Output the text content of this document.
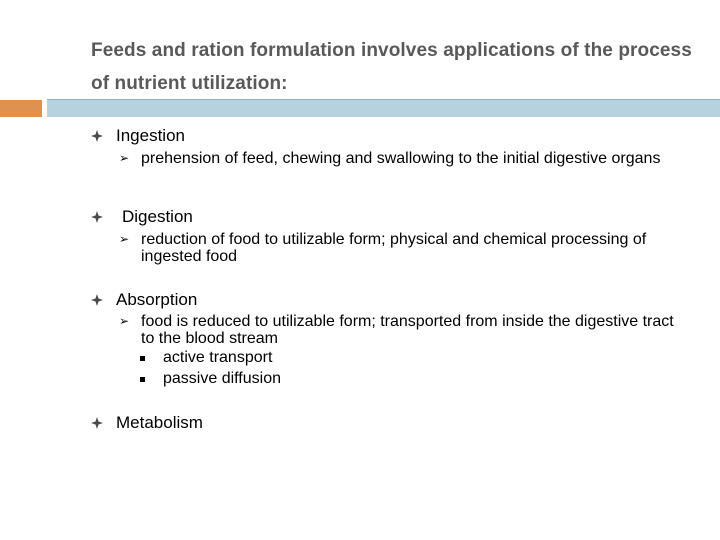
Feeds and ration formulation involves applications of the process of nutrient utilization:
Ingestion
➢ prehension of feed, chewing and swallowing to the initial digestive organs
Digestion
➢ reduction of food to utilizable form; physical and chemical processing of ingested food
Absorption
➢ food is reduced to utilizable form; transported from inside the digestive tract to the blood stream
active transport
passive diffusion
Metabolism
